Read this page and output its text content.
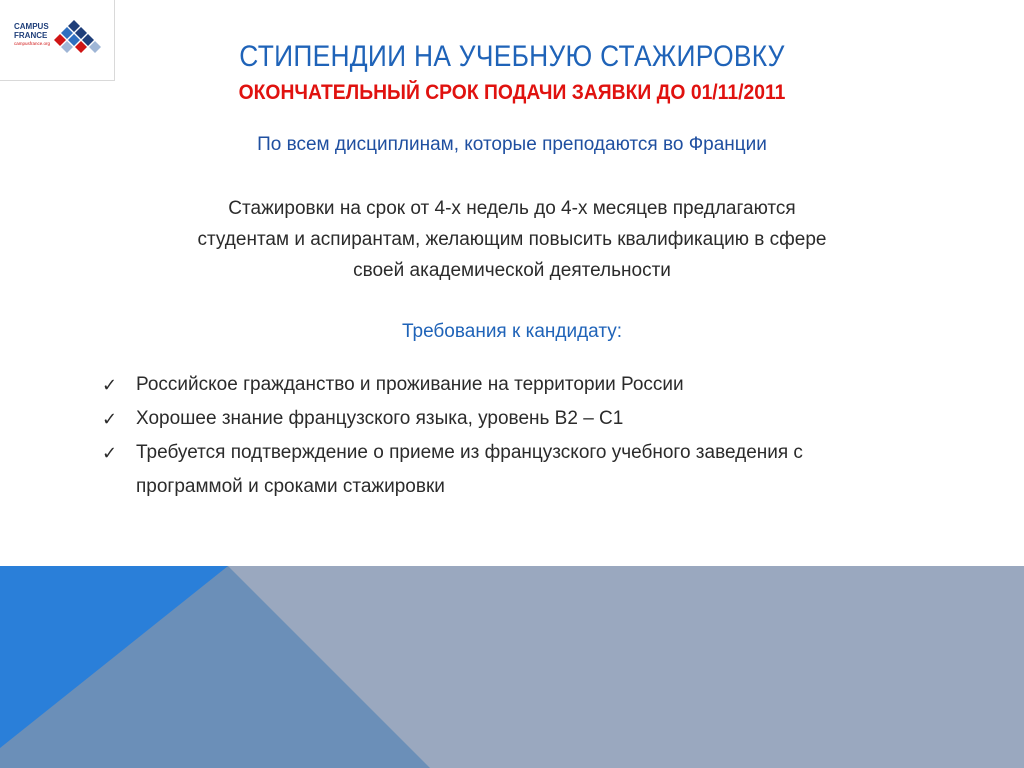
CAMPUS
FRANCE
campusfrance.org	СТИПЕНДИИ НА УЧЕБНУЮ СТАЖИРОВКУ
ОКОНЧАТЕЛЬНЫЙ СРОК ПОДАЧИ ЗАЯВКИ ДО 01/11/2011
По всем дисциплинам, которые преподаются во Франции
Стажировки на срок от 4-х недель до 4-х месяцев предлагаются
студентам и аспирантам, желающим повысить квалификацию в сфере
своей академической деятельности
Требования к кандидату:
✓ Российское гражданство и проживание на территории России
✓ Хорошее знание французского языка, уровень B2 – C1
✓ Требуется подтверждение о приеме из французского учебного заведения с программой и сроками стажировки
